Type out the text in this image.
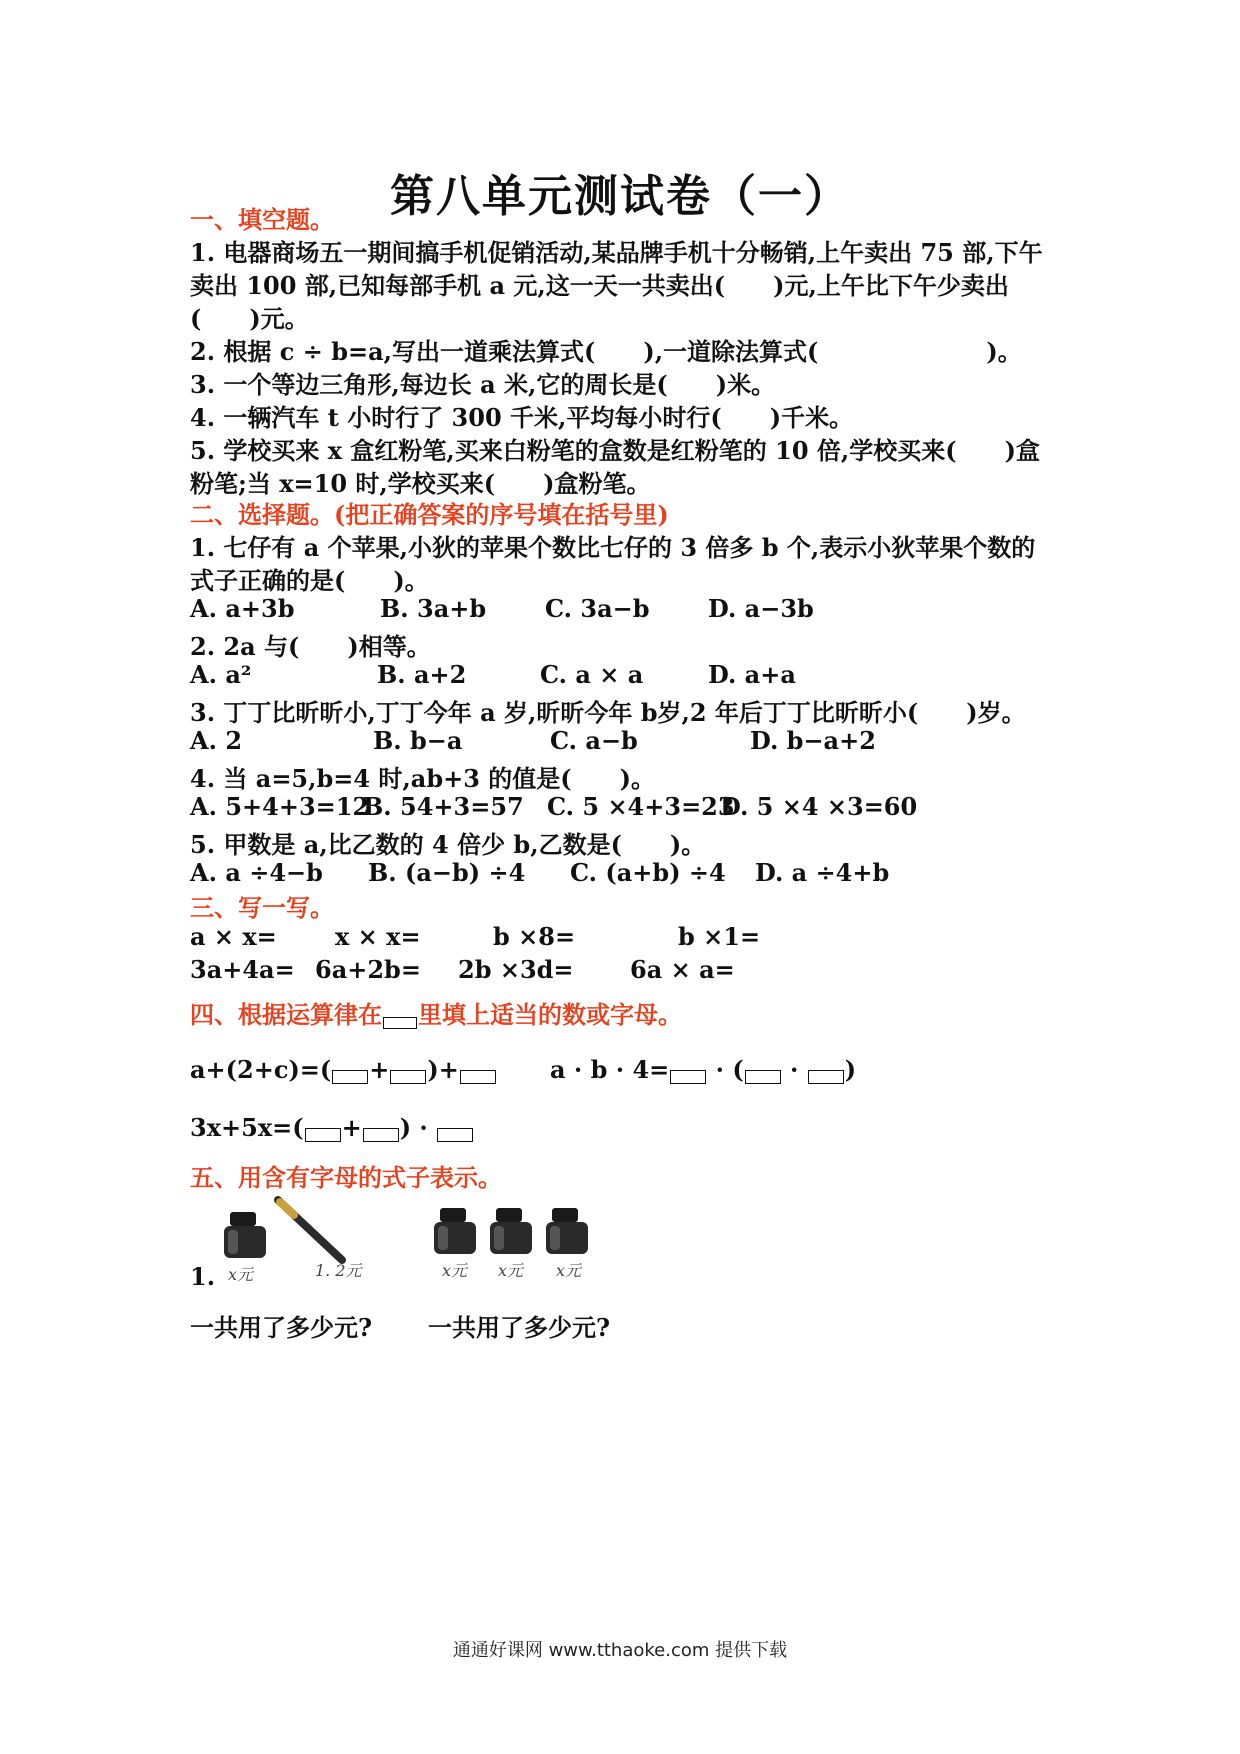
第八单元测试卷（一）
一、填空题。
1. 电器商场五一期间搞手机促销活动,某品牌手机十分畅销,上午卖出 75 部,下午
卖出 100 部,已知每部手机 a 元,这一天一共卖出(　　)元,上午比下午少卖出
(　　)元。
2. 根据 c ÷ b=a,写出一道乘法算式(　　),一道除法算式(　　　　　　　)。
3. 一个等边三角形,每边长 a 米,它的周长是(　　)米。
4. 一辆汽车 t 小时行了 300 千米,平均每小时行(　　)千米。
5. 学校买来 x 盒红粉笔,买来白粉笔的盒数是红粉笔的 10 倍,学校买来(　　)盒
粉笔;当 x=10 时,学校买来(　　)盒粉笔。
二、选择题。(把正确答案的序号填在括号里)
1. 七仔有 a 个苹果,小狄的苹果个数比七仔的 3 倍多 b 个,表示小狄苹果个数的
式子正确的是(　　)。
A. a+3b	B. 3a+b C. 3a−b D. a−3b
2. 2a 与(　　)相等。
A. a²	B. a+2	C. a × a	D. a+a
3. 丁丁比昕昕小,丁丁今年 a 岁,昕昕今年 b岁,2 年后丁丁比昕昕小(　　)岁。
A. 2	B. b−a	C. a−b	D. b−a+2
4. 当 a=5,b=4 时,ab+3 的值是(　　)。
A. 5+4+3=12
B. 54+3=57 C. 5 ×4+3=23
D. 5 ×4 ×3=60
5. 甲数是 a,比乙数的 4 倍少 b,乙数是(　　)。
A. a ÷4−b B. (a−b) ÷4 C. (a+b) ÷4 D. a ÷4+b
三、写一写。
a × x= x × x=	b ×8=	b ×1=
3a+4a= 6a+2b= 2b ×3d= 6a × a=
四、根据运算律在 里填上适当的数或字母。
a+(2+c)=( + )+	a · b · 4= · ( · )
3x+5x=( + ) ·
五、用含有字母的式子表示。
1. x元	1. 2元	x元 x元 x元
一共用了多少元? 一共用了多少元?
通通好课网 www.tthaoke.com 提供下载
